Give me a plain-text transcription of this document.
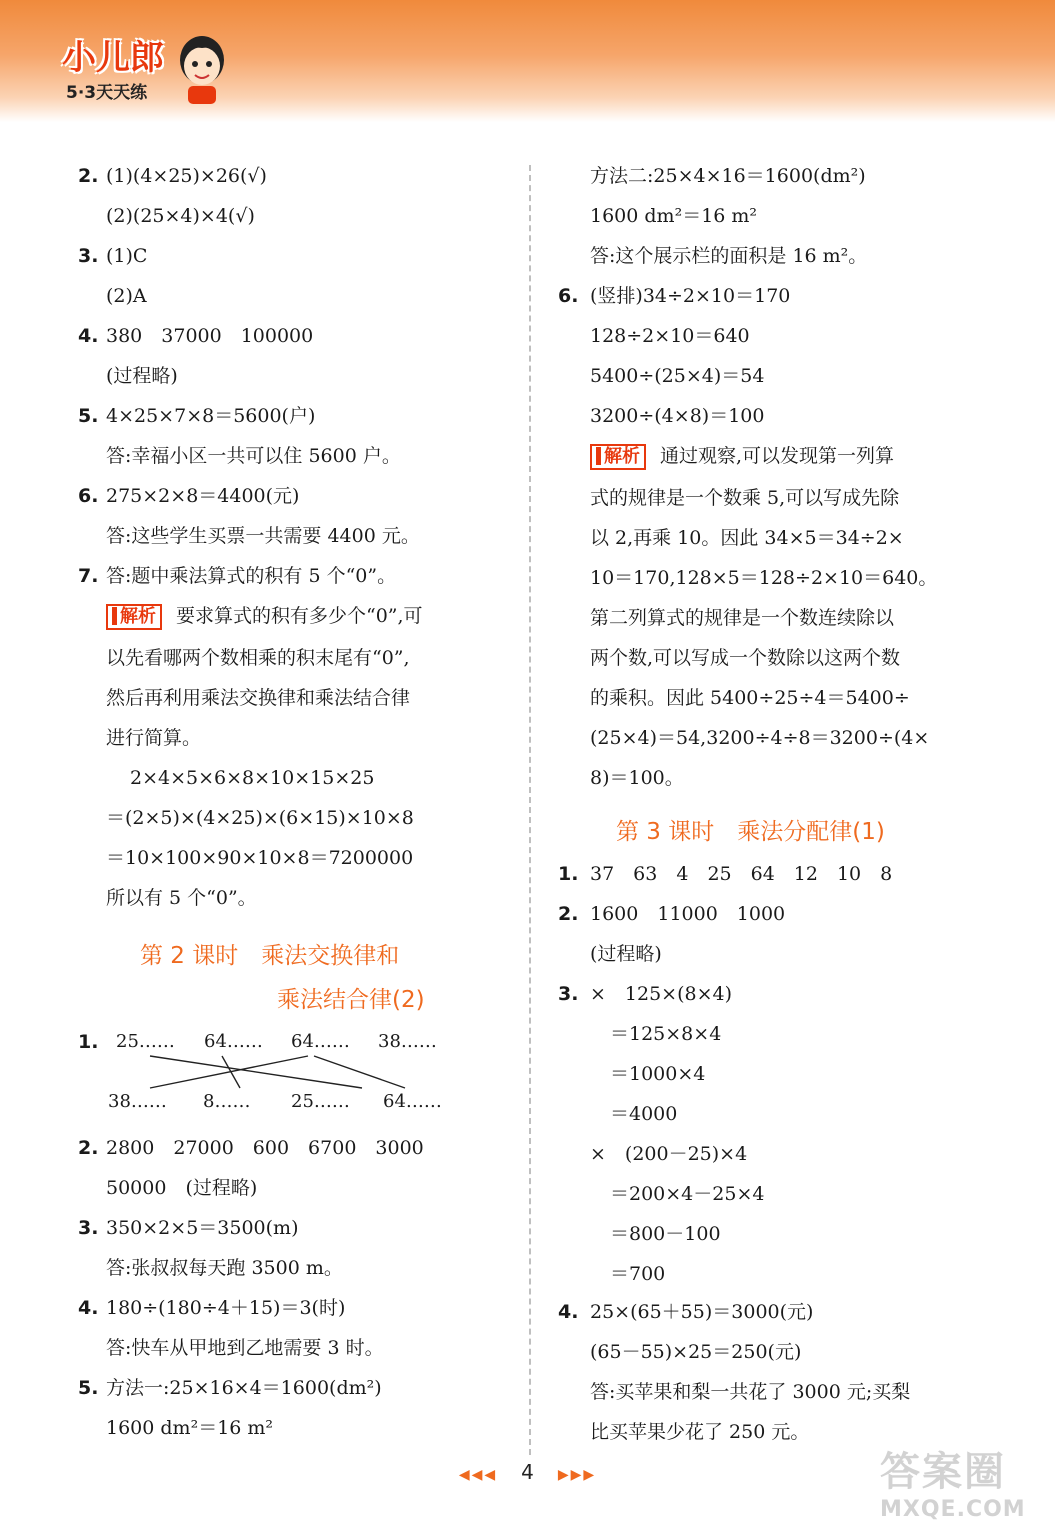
小儿郎
5·3天天练
2. (1)(4×25)×26(√)
(2)(25×4)×4(√)
3. (1)C
(2)A
4. 380　37000　100000
(过程略)
5. 4×25×7×8＝5600(户)
答:幸福小区一共可以住 5600 户。
6. 275×2×8＝4400(元)
答:这些学生买票一共需要 4400 元。
7. 答:题中乘法算式的积有 5 个“0”。
解析 要求算式的积有多少个“0”,可
以先看哪两个数相乘的积末尾有“0”,
然后再利用乘法交换律和乘法结合律
进行简算。
2×4×5×6×8×10×15×25
＝(2×5)×(4×25)×(6×15)×10×8
＝10×100×90×10×8＝7200000
所以有 5 个“0”。
第 2 课时　乘法交换律和
乘法结合律(2)
1. 25…… 64…… 64…… 38……
38…… 8…… 25…… 64……
2. 2800　27000　600　6700　3000
50000　(过程略)
3. 350×2×5＝3500(m)
答:张叔叔每天跑 3500 m。
4. 180÷(180÷4＋15)＝3(时)
答:快车从甲地到乙地需要 3 时。
5. 方法一:25×16×4＝1600(dm²)
1600 dm²＝16 m²
方法二:25×4×16＝1600(dm²)
1600 dm²＝16 m²
答:这个展示栏的面积是 16 m²。
6. (竖排)34÷2×10＝170
128÷2×10＝640
5400÷(25×4)＝54
3200÷(4×8)＝100
解析 通过观察,可以发现第一列算
式的规律是一个数乘 5,可以写成先除
以 2,再乘 10。因此 34×5＝34÷2×
10＝170,128×5＝128÷2×10＝640。
第二列算式的规律是一个数连续除以
两个数,可以写成一个数除以这两个数
的乘积。因此 5400÷25÷4＝5400÷
(25×4)＝54,3200÷4÷8＝3200÷(4×
8)＝100。
第 3 课时　乘法分配律(1)
1. 37　63　4　25　64　12　10　8
2. 1600　11000　1000
(过程略)
3. ×　125×(8×4)
＝125×8×4
＝1000×4
＝4000
×　(200－25)×4
＝200×4－25×4
＝800－100
＝700
4. 25×(65＋55)＝3000(元)
(65－55)×25＝250(元)
答:买苹果和梨一共花了 3000 元;买梨
比买苹果少花了 250 元。
◀◀◀ 4 ▶▶▶	答案圈
MXQE.COM
